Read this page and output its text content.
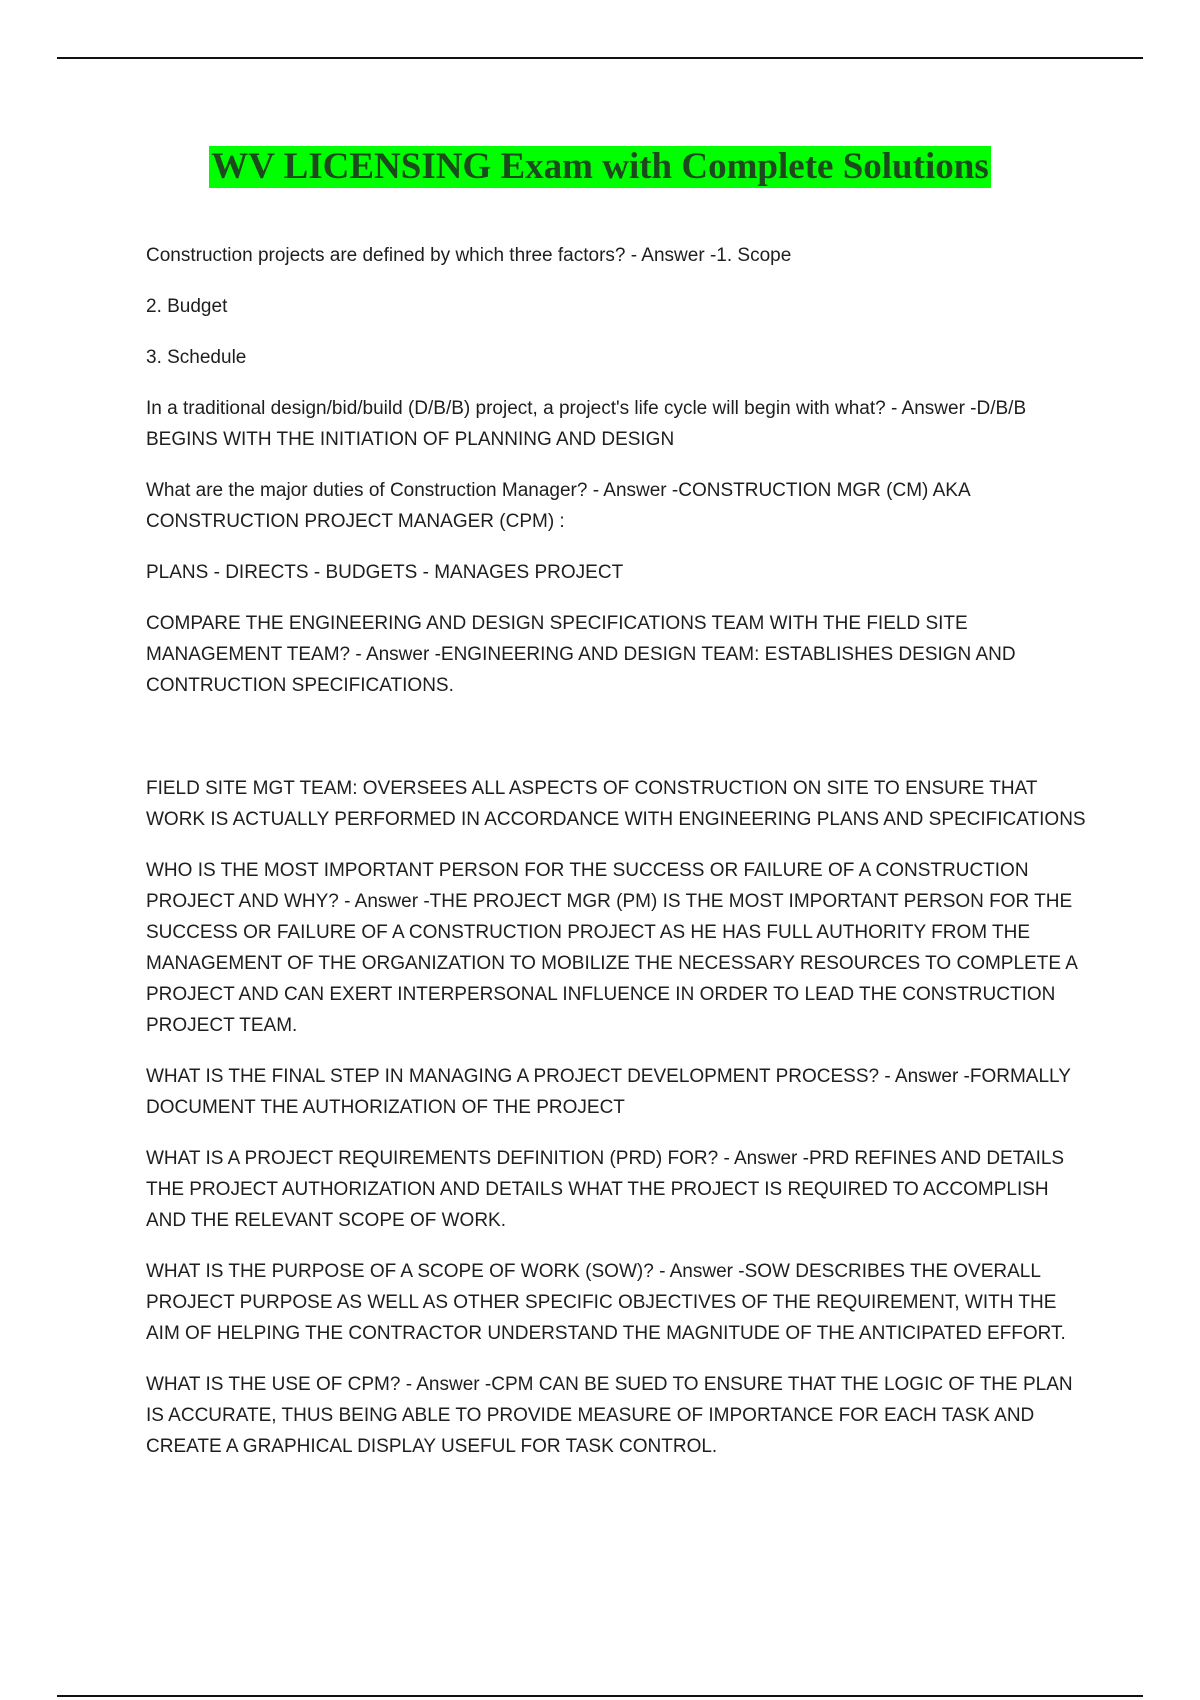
WV LICENSING Exam with Complete Solutions

Construction projects are defined by which three factors? - Answer -1. Scope

2. Budget

3. Schedule

In a traditional design/bid/build (D/B/B) project, a project's life cycle will begin with what? - Answer -D/B/B BEGINS WITH THE INITIATION OF PLANNING AND DESIGN

What are the major duties of Construction Manager? - Answer -CONSTRUCTION MGR (CM) AKA CONSTRUCTION PROJECT MANAGER (CPM) :

PLANS - DIRECTS - BUDGETS - MANAGES PROJECT

COMPARE THE ENGINEERING AND DESIGN SPECIFICATIONS TEAM WITH THE FIELD SITE MANAGEMENT TEAM? - Answer -ENGINEERING AND DESIGN TEAM: ESTABLISHES DESIGN AND CONTRUCTION SPECIFICATIONS.

FIELD SITE MGT TEAM: OVERSEES ALL ASPECTS OF CONSTRUCTION ON SITE TO ENSURE THAT WORK IS ACTUALLY PERFORMED IN ACCORDANCE WITH ENGINEERING PLANS AND SPECIFICATIONS

WHO IS THE MOST IMPORTANT PERSON FOR THE SUCCESS OR FAILURE OF A CONSTRUCTION PROJECT AND WHY? - Answer -THE PROJECT MGR (PM) IS THE MOST IMPORTANT PERSON FOR THE SUCCESS OR FAILURE OF A CONSTRUCTION PROJECT AS HE HAS FULL AUTHORITY FROM THE MANAGEMENT OF THE ORGANIZATION TO MOBILIZE THE NECESSARY RESOURCES TO COMPLETE A PROJECT AND CAN EXERT INTERPERSONAL INFLUENCE IN ORDER TO LEAD THE CONSTRUCTION PROJECT TEAM.

WHAT IS THE FINAL STEP IN MANAGING A PROJECT DEVELOPMENT PROCESS? - Answer -FORMALLY DOCUMENT THE AUTHORIZATION OF THE PROJECT

WHAT IS A PROJECT REQUIREMENTS DEFINITION (PRD) FOR? - Answer -PRD REFINES AND DETAILS THE PROJECT AUTHORIZATION AND DETAILS WHAT THE PROJECT IS REQUIRED TO ACCOMPLISH AND THE RELEVANT SCOPE OF WORK.

WHAT IS THE PURPOSE OF A SCOPE OF WORK (SOW)? - Answer -SOW DESCRIBES THE OVERALL PROJECT PURPOSE AS WELL AS OTHER SPECIFIC OBJECTIVES OF THE REQUIREMENT, WITH THE AIM OF HELPING THE CONTRACTOR UNDERSTAND THE MAGNITUDE OF THE ANTICIPATED EFFORT.

WHAT IS THE USE OF CPM? - Answer -CPM CAN BE SUED TO ENSURE THAT THE LOGIC OF THE PLAN IS ACCURATE, THUS BEING ABLE TO PROVIDE MEASURE OF IMPORTANCE FOR EACH TASK AND CREATE A GRAPHICAL DISPLAY USEFUL FOR TASK CONTROL.
